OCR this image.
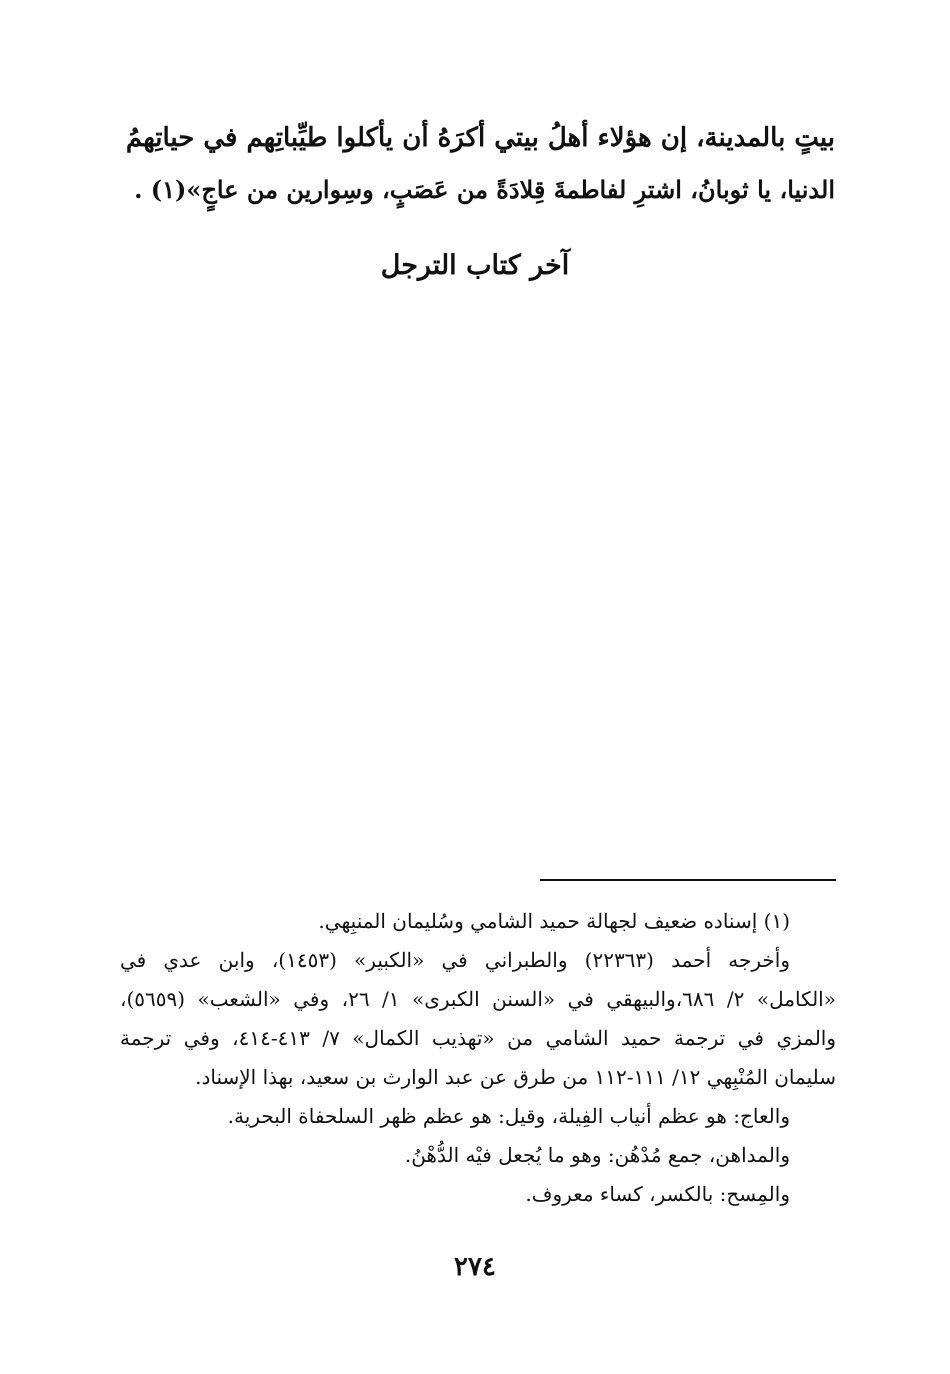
بيتٍ بالمدينة، إن هؤلاء أهلُ بيتي أكرَهُ أن يأكلوا طيِّباتِهم في حياتِهمُ
الدنيا، يا ثوبانُ، اشترِ لفاطمةَ قِلادَةً من عَصَبٍ، وسِوارين من عاجٍ»(١) .
آخر كتاب الترجل
(١) إسناده ضعيف لجهالة حميد الشامي وسُليمان المنبِهي.
وأخرجه أحمد (٢٢٣٦٣) والطبراني في «الكبير» (١٤٥٣)، وابن عدي في
«الكامل» ٢/ ٦٨٦،والبيهقي في «السنن الكبرى» ١/ ٢٦، وفي «الشعب» (٥٦٥٩)،
والمزي في ترجمة حميد الشامي من «تهذيب الكمال» ٧/ ٤١٣-٤١٤، وفي ترجمة
سليمان المُنْبِهي ١٢/ ١١١-١١٢ من طرق عن عبد الوارث بن سعيد، بهذا الإسناد.
والعاج: هو عظم أنياب الفِيلة، وقيل: هو عظم ظهر السلحفاة البحرية.
والمداهن، جمع مُدْهُن: وهو ما يُجعل فيْه الدُّهْنُ.
والمِسح: بالكسر، كساء معروف.
٢٧٤
